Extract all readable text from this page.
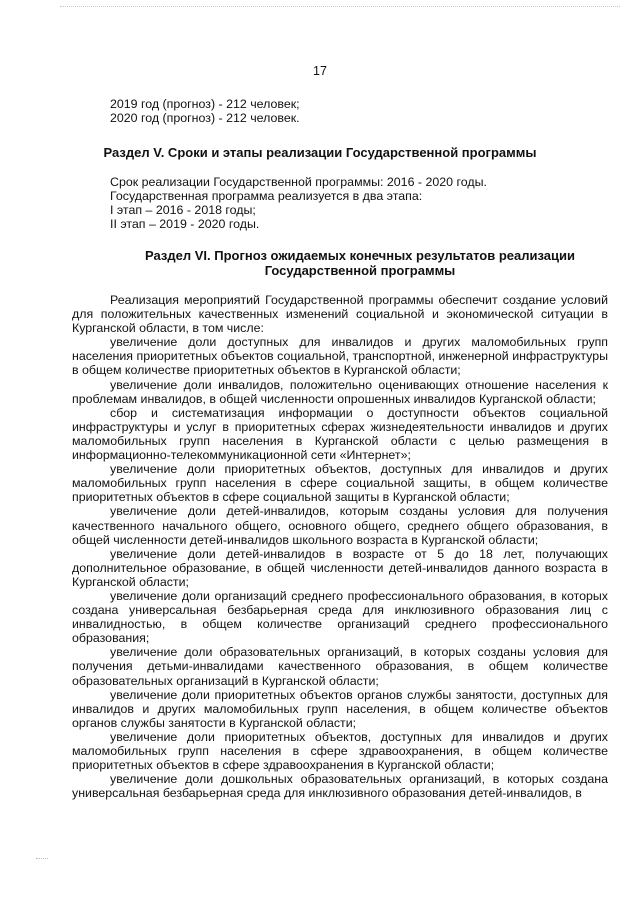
17
2019 год (прогноз) - 212 человек;
2020 год (прогноз) - 212 человек.
Раздел V. Сроки и этапы реализации Государственной программы
Срок реализации Государственной программы: 2016 - 2020 годы.
Государственная программа реализуется в два этапа:
I этап – 2016 - 2018 годы;
II этап – 2019 - 2020 годы.
Раздел VI. Прогноз ожидаемых конечных результатов реализации
Государственной программы

Реализация мероприятий Государственной программы обеспечит создание условий для положительных качественных изменений социальной и экономической ситуации в Курганской области, в том числе:

увеличение доли доступных для инвалидов и других маломобильных групп населения приоритетных объектов социальной, транспортной, инженерной инфраструктуры в общем количестве приоритетных объектов в Курганской области;

увеличение доли инвалидов, положительно оценивающих отношение населения к проблемам инвалидов, в общей численности опрошенных инвалидов Курганской области;

сбор и систематизация информации о доступности объектов социальной инфраструктуры и услуг в приоритетных сферах жизнедеятельности инвалидов и других маломобильных групп населения в Курганской области с целью размещения в информационно-телекоммуникационной сети «Интернет»;

увеличение доли приоритетных объектов, доступных для инвалидов и других маломобильных групп населения в сфере социальной защиты, в общем количестве приоритетных объектов в сфере социальной защиты в Курганской области;

увеличение доли детей-инвалидов, которым созданы условия для получения качественного начального общего, основного общего, среднего общего образования, в общей численности детей-инвалидов школьного возраста в Курганской области;

увеличение доли детей-инвалидов в возрасте от 5 до 18 лет, получающих дополнительное образование, в общей численности детей-инвалидов данного возраста в Курганской области;

увеличение доли организаций среднего профессионального образования, в которых создана универсальная безбарьерная среда для инклюзивного образования лиц с инвалидностью, в общем количестве организаций среднего профессионального образования;

увеличение доли образовательных организаций, в которых созданы условия для получения детьми-инвалидами качественного образования, в общем количестве образовательных организаций в Курганской области;

увеличение доли приоритетных объектов органов службы занятости, доступных для инвалидов и других маломобильных групп населения, в общем количестве объектов органов службы занятости в Курганской области;

увеличение доли приоритетных объектов, доступных для инвалидов и других маломобильных групп населения в сфере здравоохранения, в общем количестве приоритетных объектов в сфере здравоохранения в Курганской области;

увеличение доли дошкольных образовательных организаций, в которых создана универсальная безбарьерная среда для инклюзивного образования детей-инвалидов, в
